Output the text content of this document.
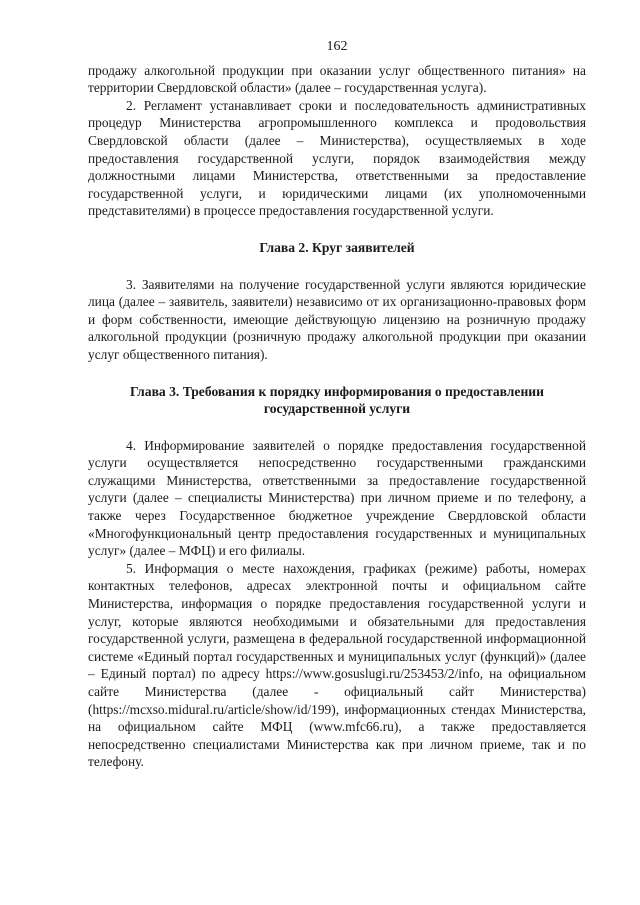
162

продажу алкогольной продукции при оказании услуг общественного питания» на территории Свердловской области» (далее – государственная услуга).

2. Регламент устанавливает сроки и последовательность административных процедур Министерства агропромышленного комплекса и продовольствия Свердловской области (далее – Министерства), осуществляемых в ходе предоставления государственной услуги, порядок взаимодействия между должностными лицами Министерства, ответственными за предоставление государственной услуги, и юридическими лицами (их уполномоченными представителями) в процессе предоставления государственной услуги.

Глава 2. Круг заявителей

3. Заявителями на получение государственной услуги являются юридические лица (далее – заявитель, заявители) независимо от их организационно-правовых форм и форм собственности, имеющие действующую лицензию на розничную продажу алкогольной продукции (розничную продажу алкогольной продукции при оказании услуг общественного питания).

Глава 3. Требования к порядку информирования о предоставлении
государственной услуги

4. Информирование заявителей о порядке предоставления государственной услуги осуществляется непосредственно государственными гражданскими служащими Министерства, ответственными за предоставление государственной услуги (далее – специалисты Министерства) при личном приеме и по телефону, а также через Государственное бюджетное учреждение Свердловской области «Многофункциональный центр предоставления государственных и муниципальных услуг» (далее – МФЦ) и его филиалы.

5. Информация о месте нахождения, графиках (режиме) работы, номерах контактных телефонов, адресах электронной почты и официальном сайте Министерства, информация о порядке предоставления государственной услуги и услуг, которые являются необходимыми и обязательными для предоставления государственной услуги, размещена в федеральной государственной информационной системе «Единый портал государственных и муниципальных услуг (функций)» (далее – Единый портал) по адресу https://www.gosuslugi.ru/253453/2/info, на официальном сайте Министерства (далее - официальный сайт Министерства) (https://mcxso.midural.ru/article/show/id/199), информационных стендах Министерства, на официальном сайте МФЦ (www.mfc66.ru), а также предоставляется непосредственно специалистами Министерства как при личном приеме, так и по телефону.
